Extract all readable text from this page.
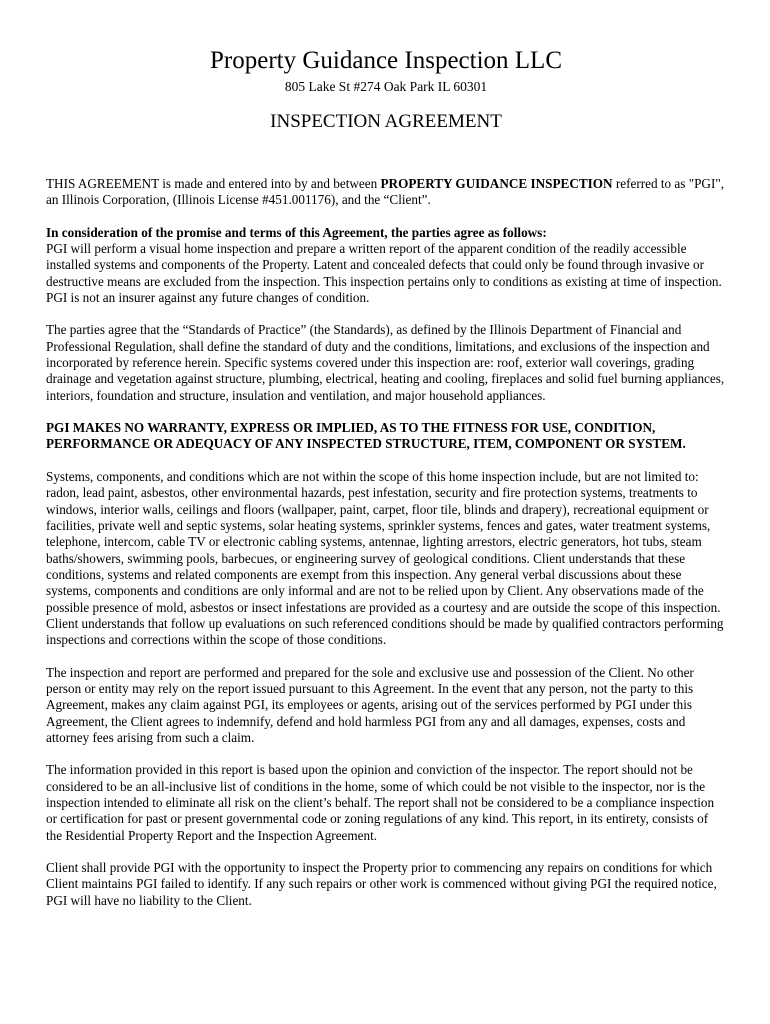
Property Guidance Inspection LLC

805 Lake St #274 Oak Park IL 60301

INSPECTION AGREEMENT

THIS AGREEMENT is made and entered into by and between PROPERTY GUIDANCE INSPECTION referred to as "PGI", an Illinois Corporation, (Illinois License #451.001176), and the “Client”.

In consideration of the promise and terms of this Agreement, the parties agree as follows:
PGI will perform a visual home inspection and prepare a written report of the apparent condition of the readily accessible installed systems and components of the Property. Latent and concealed defects that could only be found through invasive or destructive means are excluded from the inspection. This inspection pertains only to conditions as existing at time of inspection. PGI is not an insurer against any future changes of condition.

The parties agree that the “Standards of Practice” (the Standards), as defined by the Illinois Department of Financial and Professional Regulation, shall define the standard of duty and the conditions, limitations, and exclusions of the inspection and incorporated by reference herein. Specific systems covered under this inspection are: roof, exterior wall coverings, grading drainage and vegetation against structure, plumbing, electrical, heating and cooling, fireplaces and solid fuel burning appliances, interiors, foundation and structure, insulation and ventilation, and major household appliances.

PGI MAKES NO WARRANTY, EXPRESS OR IMPLIED, AS TO THE FITNESS FOR USE, CONDITION, PERFORMANCE OR ADEQUACY OF ANY INSPECTED STRUCTURE, ITEM, COMPONENT OR SYSTEM.

Systems, components, and conditions which are not within the scope of this home inspection include, but are not limited to: radon, lead paint, asbestos, other environmental hazards, pest infestation, security and fire protection systems, treatments to windows, interior walls, ceilings and floors (wallpaper, paint, carpet, floor tile, blinds and drapery), recreational equipment or facilities, private well and septic systems, solar heating systems, sprinkler systems, fences and gates, water treatment systems, telephone, intercom, cable TV or electronic cabling systems, antennae, lighting arrestors, electric generators, hot tubs, steam baths/showers, swimming pools, barbecues, or engineering survey of geological conditions. Client understands that these conditions, systems and related components are exempt from this inspection. Any general verbal discussions about these systems, components and conditions are only informal and are not to be relied upon by Client. Any observations made of the possible presence of mold, asbestos or insect infestations are provided as a courtesy and are outside the scope of this inspection. Client understands that follow up evaluations on such referenced conditions should be made by qualified contractors performing inspections and corrections within the scope of those conditions.

The inspection and report are performed and prepared for the sole and exclusive use and possession of the Client. No other person or entity may rely on the report issued pursuant to this Agreement. In the event that any person, not the party to this Agreement, makes any claim against PGI, its employees or agents, arising out of the services performed by PGI under this Agreement, the Client agrees to indemnify, defend and hold harmless PGI from any and all damages, expenses, costs and attorney fees arising from such a claim.

The information provided in this report is based upon the opinion and conviction of the inspector. The report should not be considered to be an all-inclusive list of conditions in the home, some of which could be not visible to the inspector, nor is the inspection intended to eliminate all risk on the client’s behalf. The report shall not be considered to be a compliance inspection or certification for past or present governmental code or zoning regulations of any kind. This report, in its entirety, consists of the Residential Property Report and the Inspection Agreement.

Client shall provide PGI with the opportunity to inspect the Property prior to commencing any repairs on conditions for which Client maintains PGI failed to identify. If any such repairs or other work is commenced without giving PGI the required notice, PGI will have no liability to the Client.
